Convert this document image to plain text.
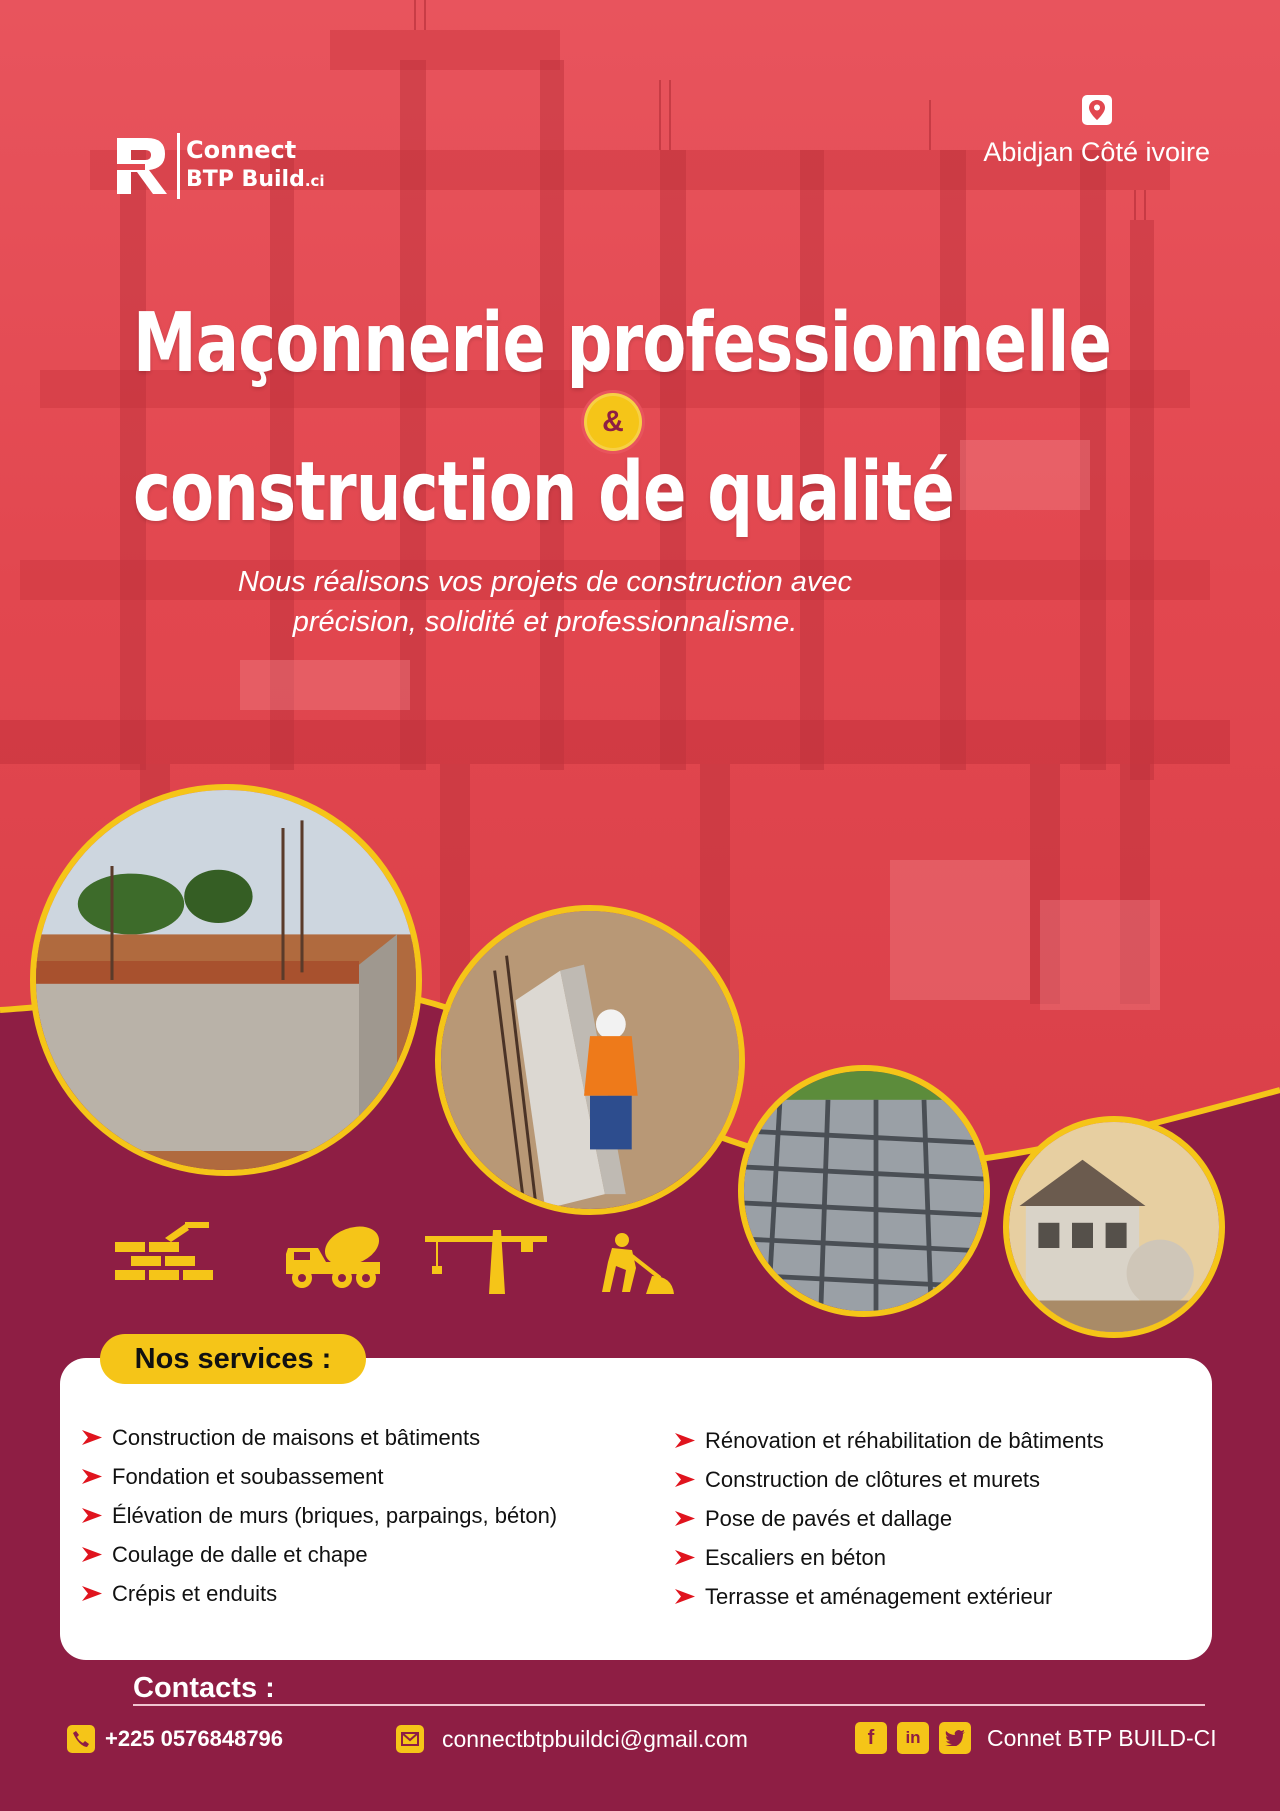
Connect
BTP Build.ci
Abidjan Côté ivoire
Maçonnerie professionnelle
&
construction de qualité
Nous réalisons vos projets de construction avec
précision, solidité et professionnalisme.
Nos services :
Construction de maisons et bâtiments
Fondation et soubassement
Élévation de murs (briques, parpaings, béton)
Coulage de dalle et chape
Crépis et enduits
Rénovation et réhabilitation de bâtiments
Construction de clôtures et murets
Pose de pavés et dallage
Escaliers en béton
Terrasse et aménagement extérieur
Contacts :
+225 0576848796	connectbtpbuildci@gmail.com	f	in	Connet BTP BUILD-CI
